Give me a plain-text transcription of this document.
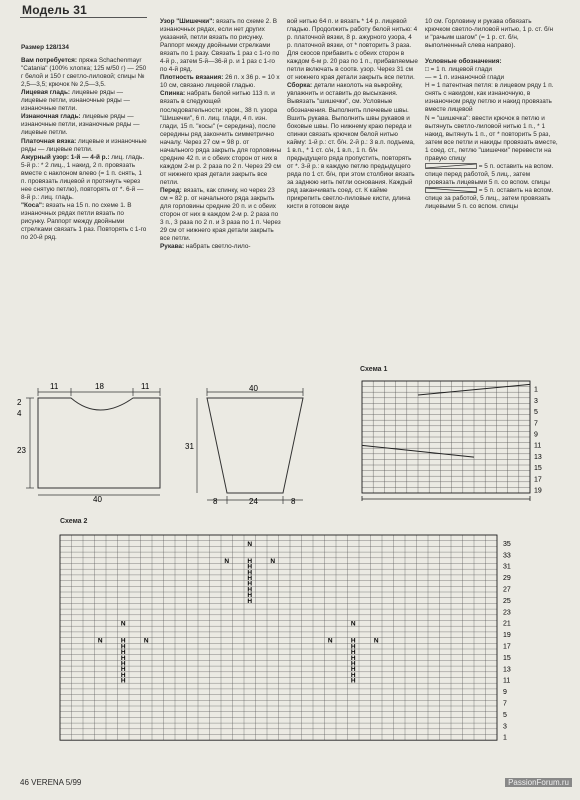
Модель 31

Размер 128/134

Вам потребуется: пряжа Schachenmayr "Catania" (100% хлопка; 125 м/50 г) — 250 г белой и 150 г светло-лиловой; спицы № 2,5—3,5; крючок № 2,5—3,5.

Лицевая гладь: лицевые ряды — лицевые петли, изнаночные ряды — изнаночные петли.

Изнаночная гладь: лицевые ряды — изнаночные петли, изнаночные ряды — лицевые петли.

Платочная вязка: лицевые и изнаночные ряды — лицевые петли.

Ажурный узор: 1-й — 4-й р.: лиц. гладь. 5-й р.: * 2 лиц., 1 накид, 2 п. провязать вместе с наклоном влево (= 1 п. снять, 1 п. провязать лицевой и протянуть через нее снятую петлю), повторять от *. 6-й — 8-й р.: лиц. гладь.

"Коса": вязать на 15 п. по схеме 1. В изнаночных рядах петли вязать по рисунку. Раппорт между двойными стрелками связать 1 раз. Повторять с 1-го по 20-й ряд.

Узор "Шишечки": вязать по схеме 2. В изнаночных рядах, если нет других указаний, петли вязать по рисунку. Раппорт между двойными стрелками вязать по 1 разу. Связать 1 раз с 1-го по 4-й р., затем 5-й—36-й р. и 1 раз с 1-го по 4-й ряд.

Плотность вязания: 26 п. х 36 р. = 10 х 10 см, связано лицевой гладью.

Спинка: набрать белой нитью 113 п. и вязать в следующей последовательности: кром., 38 п. узора "Шишечки", 6 п. лиц. глади, 4 п. изн. глади, 15 п. "косы" (= середина), после середины ряд закончить симметрично началу. Через 27 см = 98 р. от начального ряда закрыть для горловины средние 42 п. и с обеих сторон от них в каждом 2-м р. 2 раза по 2 п. Через 29 см от нижнего края детали закрыть все петли.

Перед: вязать, как спинку, но через 23 см = 82 р. от начального ряда закрыть для горловины средние 20 п. и с обеих сторон от них в каждом 2-м р. 2 раза по 3 п., 3 раза по 2 п. и 3 раза по 1 п. Через 29 см от нижнего края детали закрыть все петли.

Рукава: набрать светло-лило-

вой нитью 64 п. и вязать * 14 р. лицевой гладью. Продолжить работу белой нитью: 4 р. платочной вязки, 8 р. ажурного узора, 4 р. платочной вязки, от * повторить 3 раза. Для скосов прибавить с обеих сторон в каждом 6-м р. 20 раз по 1 п., прибавляемые петли включать в соотв. узор. Через 31 см от нижнего края детали закрыть все петли.

Сборка: детали наколоть на выкройку, увлажнить и оставить до высыхания. Вывязать "шишечки", см. Условные обозначения. Выполнить плечевые швы. Вшить рукава. Выполнить швы рукавов и боковые швы. По нижнему краю переда и спинки связать крючком белой нитью кайму: 1-й р.: ст. б/н. 2-й р.: 3 в.п. подъема, 1 в.п., * 1 ст. с/н, 1 в.п., 1 п. б/н предыдущего ряда пропустить, повторять от *. 3-й р.: в каждую петлю предыдущего ряда по 1 ст. б/н, при этом столбики вязать за заднюю нить петли основания. Каждый ряд заканчивать соед. ст. К кайме прикрепить светло-лиловые кисти, длина кисти в готовом виде

10 см. Горловину и рукава обвязать крючком светло-лиловой нитью, 1 р. ст. б/н и "рачьим шагом" (= 1 р. ст. б/н, выполненный слева направо).

Условные обозначения:

□ = 1 п. лицевой глади

— = 1 п. изнаночной глади

H = 1 патентная петля: в лицевом ряду 1 п. снять с накидом, как изнаночную, в изнаночном ряду петлю и накид провязать вместе лицевой

N = "шишечка": ввести крючок в петлю и вытянуть светло-лиловой нитью 1 п., * 1 накид, вытянуть 1 п., от * повторить 5 раз, затем все петли и накиды провязать вместе, 1 соед. ст., петлю "шишечки" перевести на правую спицу

= 5 п. оставить на вспом. спице перед работой, 5 лиц., затем провязать лицевыми 5 п. со вспом. спицы

= 5 п. оставить на вспом. спице за работой, 5 лиц., затем провязать лицевыми 5 п. со вспом. спицы

11	18	11
2
4
23
40
40
31
8	24	8
Схема 1
1
3
5
7
9
11
13
15
17
19
Схема 2
N
N	H	N
H
H
H
H
H
H
H
N	N
N	H	N	N	H	N
H	H
H	H
H	H
H	H
H	H
H	H
H	H
1
3
5
7
9
11
13
15
17
19
21
23
25
27
29
31
33
35
46 VERENA 5/99	PassionForum.ru
